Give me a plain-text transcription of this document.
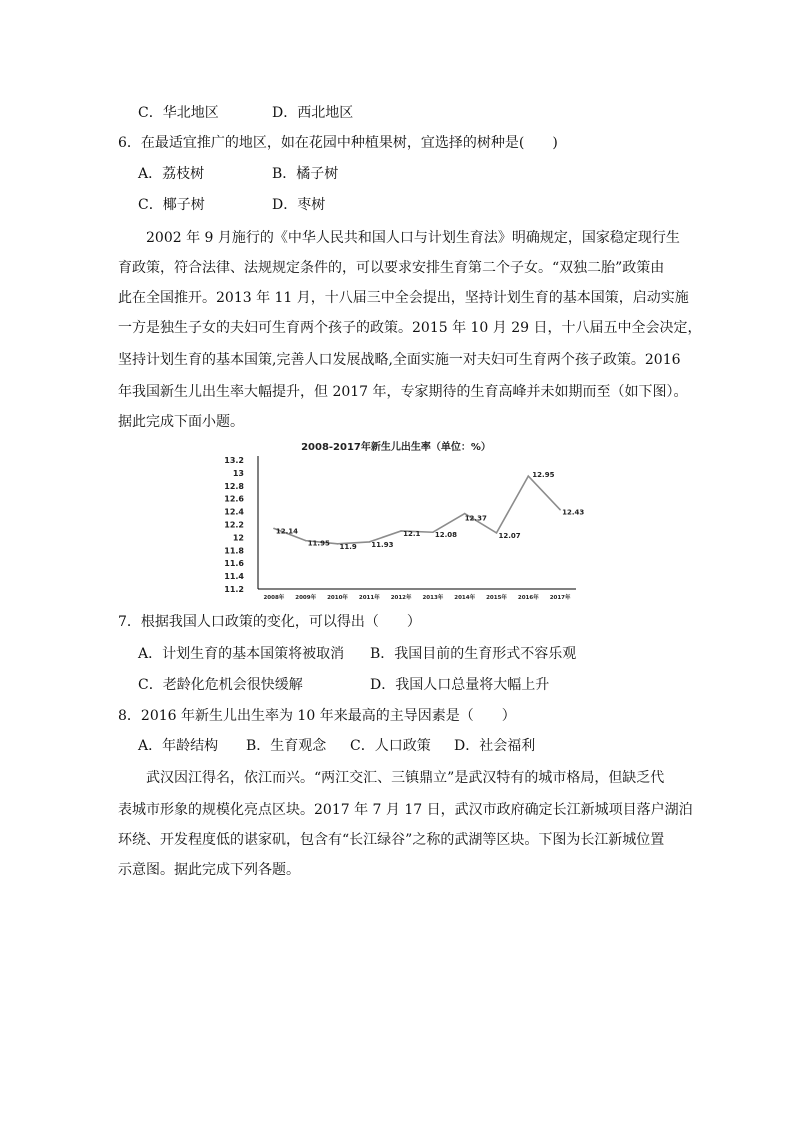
C．华北地区	D．西北地区
6．在最适宜推广的地区，如在花园中种植果树，宜选择的树种是(　　)
A．荔枝树	B．橘子树
C．椰子树	D．枣树
2002 年 9 月施行的《中华人民共和国人口与计划生育法》明确规定，国家稳定现行生
育政策，符合法律、法规规定条件的，可以要求安排生育第二个子女。“双独二胎”政策由
此在全国推开。2013 年 11 月，十八届三中全会提出，坚持计划生育的基本国策，启动实施
一方是独生子女的夫妇可生育两个孩子的政策。2015 年 10 月 29 日，十八届五中全会决定，
坚持计划生育的基本国策,完善人口发展战略,全面实施一对夫妇可生育两个孩子政策。2016
年我国新生儿出生率大幅提升，但 2017 年，专家期待的生育高峰并未如期而至（如下图）。
据此完成下面小题。
2008-2017年新生儿出生率（单位：%）
13.2
13
12.8
12.6
12.4
12.2
12
11.8
11.6
11.4
11.2
2008年 2009年 2010年 2011年 2012年 2013年 2014年 2015年 2016年 2017年
12.14
11.95 11.9 11.93
12.1 12.08
12.37
12.07
12.95
12.43
7．根据我国人口政策的变化，可以得出（　　）
A．计划生育的基本国策将被取消 B．我国目前的生育形式不容乐观
C．老龄化危机会很快缓解	D．我国人口总量将大幅上升
8．2016 年新生儿出生率为 10 年来最高的主导因素是（　　）
A．年龄结构 B．生育观念 C．人口政策 D．社会福利
武汉因江得名，依江而兴。“两江交汇、三镇鼎立”是武汉特有的城市格局，但缺乏代
表城市形象的规模化亮点区块。2017 年 7 月 17 日，武汉市政府确定长江新城项目落户湖泊
环绕、开发程度低的谌家矶，包含有“长江绿谷”之称的武湖等区块。下图为长江新城位置
示意图。据此完成下列各题。
